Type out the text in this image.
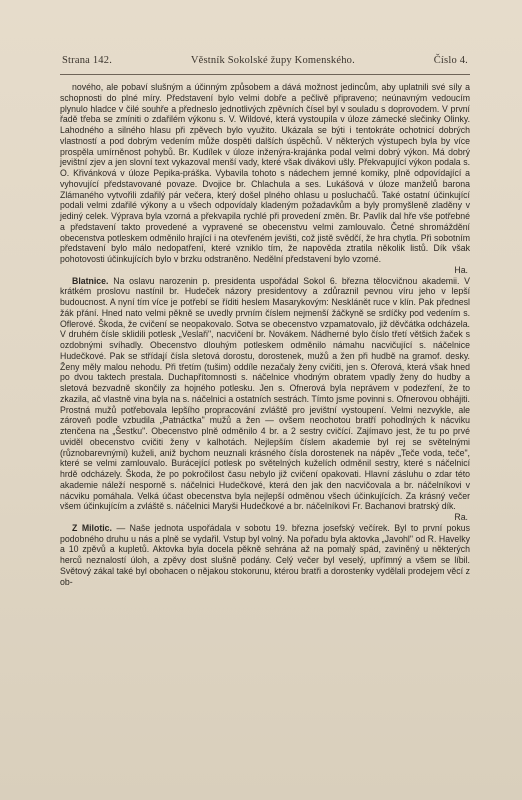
Strana 142.	Věstník Sokolské župy Komenského.	Číslo 4.

nového, ale pobaví slušným a účinným způsobem a dává možnost jedincům, aby uplatnili své síly a schopnosti do plné míry. Představení bylo velmi dobře a pečlivě připraveno; neúnavným vedoucím plynulo hladce v čilé souhře a předneslo jednotlivých zpěvních čísel byl v souladu s doprovodem. V první řadě třeba se zmíniti o zdařilém výkonu s. V. Wildové, která vystoupila v úloze zámecké slečinky Olinky. Lahodného a silného hlasu při zpěvech bylo využito. Ukázala se býti i tentokráte ochotnicí dobrých vlastností a pod dobrým vedením může dospěti dalších úspěchů. V některých výstupech byla by více prospěla umírněnost pohybů. Br. Kudílek v úloze inženýra-krajánka podal velmi dobrý výkon. Má dobrý jevištní zjev a jen slovní text vykazoval menší vady, které však divákovi ušly. Překvapující výkon podala s. O. Křivánková v úloze Pepika-práška. Vybavila tohoto s nádechem jemné komiky, plně odpovídající a vyhovující představované povaze. Dvojice br. Chlachula a ses. Lukášová v úloze manželů barona Zlámaného vytvořili zdařilý pár večera, který došel plného ohlasu u posluchačů. Také ostatní účinkující podali velmi zdařilé výkony a u všech odpovídaly kladeným požadavkům a byly promyšleně zladěny v jediný celek. Výprava byla vzorná a překvapila rychlé při provedení změn. Br. Pavlík dal hře vše potřebné a představení takto provedené a vypravené se obecenstvu velmi zamlouvalo. Četné shromáždění obecenstva potleskem odměnilo hrající i na otevřeném jevišti, což jistě svědčí, že hra chytla. Při sobotním představení bylo málo nedopatření, které vzniklo tím, že napověda ztratila několik listů. Dík však pohotovosti účinkujících bylo v brzku odstraněno. Nedělní představení bylo vzorné.

Ha.

Blatnice. Na oslavu narozenin p. presidenta uspořádal Sokol 6. března tělocvičnou akademii. V krátkém proslovu nastínil br. Hudeček názory presidentovy a zdůraznil pevnou víru jeho v lepší budoucnost. A nyní tím více je potřebí se říditi heslem Masarykovým: Nesklánět ruce v klín. Pak přednesl žák přání. Hned nato velmi pěkně se uvedly prvním číslem nejmenší žáčkyně se srdíčky pod vedením s. Oflerové. Škoda, že cvičení se neopakovalo. Sotva se obecenstvo vzpamatovalo, již děvčátka odcházela. V druhém čísle sklidili potlesk „Veslaři", nacvičení br. Novákem. Nádherné bylo číslo třetí většich žaček s ozdobnými svíhadly. Obecenstvo dlouhým potleskem odměnilo námahu nacvičující s. náčelnice Hudečkové. Pak se střídají čísla sletová dorostu, dorostenek, mužů a žen při hudbě na gramof. desky. Ženy měly malou nehodu. Při třetím (tušim) oddíle nezačaly ženy cvičiti, jen s. Oferová, která však hned po dvou taktech prestala. Duchapřítomnosti s. náčelnice vhodným obratem vpadly ženy do hudby a sletová bezvadně skončily za hojného potlesku. Jen s. Ofnerová byla neprávem v podezření, že to zkazila, ač vlastně vina byla na s. náčelnici a ostatních sestrách. Tímto jsme povinni s. Ofnerovou obhájiti. Prostná mužů potřebovala lepšího propracování zvláště pro jevištní vystoupení. Velmi nezvykle, ale zároveň podle vzbudila „Patnáctka" mužů a žen — ovšem neochotou bratří pohodlných k nácviku ztenčena na „Šestku". Obecenstvo plně odměnilo 4 br. a 2 sestry cvičící. Zajímavo jest, že tu po prvé uviděl obecenstvo cvičiti ženy v kalhotách. Nejlepším číslem akademie byl rej se světelnými (různobarevnými) kuželi, aniž bychom neuznali krásného čísla dorostenek na nápěv „Teče voda, teče", které se velmi zamlouvalo. Burácející potlesk po světelných kuželích odměnil sestry, které s náčelnicí hrdě odcházely. Škoda, že po pokročilost času nebylo již cvičení opakovati. Hlavní zásluhu o zdar této akademie náleží nesporně s. náčelnici Hudečkové, která den jak den nacvičovala a br. náčelníkovi v nácviku pomáhala. Velká účast obecenstva byla nejlepší odměnou všech účinkujících. Za krásný večer všem účinkujícím a zvláště s. náčelnici Maryši Hudečkové a br. náčelníkovi Fr. Bachanovi bratrský dík.

Ra.

Z Milotic. — Naše jednota uspořádala v sobotu 19. března josefský večírek. Byl to první pokus podobného druhu u nás a plně se vydařil. Vstup byl volný. Na pořadu byla aktovka „Javohl" od R. Havelky a 10 zpěvů a kupletů. Aktovka byla docela pěkně sehrána až na pomalý spád, zaviněný u některých herců neznalostí úloh, a zpěvy dost slušně podány. Celý večer byl veselý, upřímný a všem se líbil. Světový zákal také byl obohacen o nějakou stokorunu, ktérou bratři a dorostenky vydělali prodejem věcí z ob-
